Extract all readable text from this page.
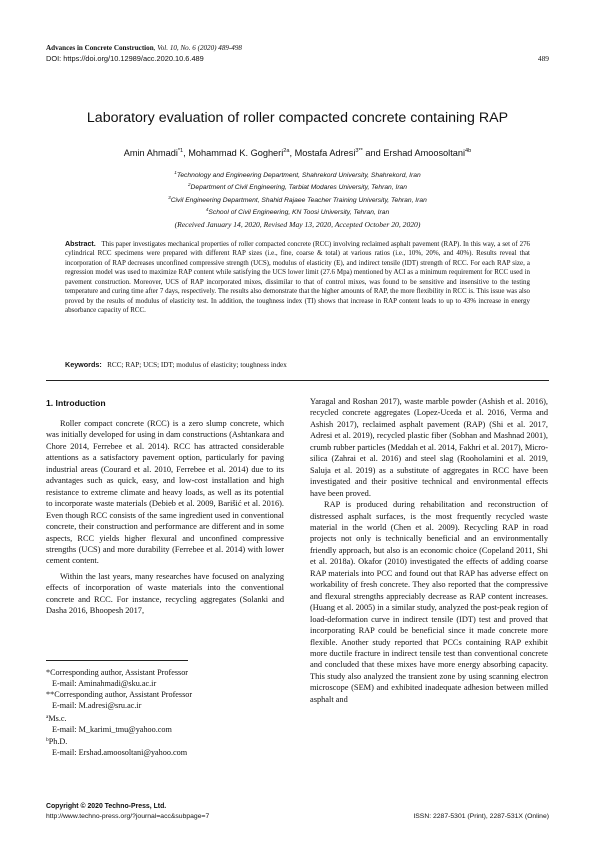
Advances in Concrete Construction, Vol. 10, No. 6 (2020) 489-498
DOI: https://doi.org/10.12989/acc.2020.10.6.489	489
Laboratory evaluation of roller compacted concrete containing RAP
Amin Ahmadi$^{*1}$, Mohammad K. Gogheri$^{2a}$, Mostafa Adresi$^{3**}$ and Ershad Amoosoltani$^{4b}$
$^1$Technology and Engineering Department, Shahrekord University, Shahrekord, Iran
$^2$Department of Civil Engineering, Tarbiat Modares University, Tehran, Iran
$^3$Civil Engineering Department, Shahid Rajaee Teacher Training University, Tehran, Iran
$^4$School of Civil Engineering, KN Toosi University, Tehran, Iran
(Received January 14, 2020, Revised May 13, 2020, Accepted October 20, 2020)
Abstract. This paper investigates mechanical properties of roller compacted concrete (RCC) involving reclaimed asphalt pavement (RAP). In this way, a set of 276 cylindrical RCC specimens were prepared with different RAP sizes (i.e., fine, coarse & total) at various ratios (i.e., 10%, 20%, and 40%). Results reveal that incorporation of RAP decreases unconfined compressive strength (UCS), modulus of elasticity (E), and indirect tensile (IDT) strength of RCC. For each RAP size, a regression model was used to maximize RAP content while satisfying the UCS lower limit (27.6 Mpa) mentioned by ACI as a minimum requirement for RCC used in pavement construction. Moreover, UCS of RAP incorporated mixes, dissimilar to that of control mixes, was found to be sensitive and insensitive to the testing temperature and curing time after 7 days, respectively. The results also demonstrate that the higher amounts of RAP, the more flexibility in RCC is. This issue was also proved by the results of modulus of elasticity test. In addition, the toughness index (TI) shows that increase in RAP content leads to up to 43% increase in energy absorbance capacity of RCC.
Keywords: RCC; RAP; UCS; IDT; modulus of elasticity; toughness index
1. Introduction

Roller compact concrete (RCC) is a zero slump concrete, which was initially developed for using in dam constructions (Ashtankara and Chore 2014, Ferrebee et al. 2014). RCC has attracted considerable attentions as a satisfactory pavement option, particularly for paving industrial areas (Courard et al. 2010, Ferrebee et al. 2014) due to its advantages such as quick, easy, and low-cost installation and high resistance to extreme climate and heavy loads, as well as its potential to incorporate waste materials (Debieb et al. 2009, Barišić et al. 2016). Even though RCC consists of the same ingredient used in conventional concrete, their construction and performance are different and in some aspects, RCC yields higher flexural and unconfined compressive strengths (UCS) and more durability (Ferrebee et al. 2014) with lower cement content.

Within the last years, many researches have focused on analyzing effects of incorporation of waste materials into the conventional concrete and RCC. For instance, recycling aggregates (Solanki and Dasha 2016, Bhoopesh 2017,

*Corresponding author, Assistant Professor
E-mail: Aminahmadi@sku.ac.ir
**Corresponding author, Assistant Professor
E-mail: M.adresi@sru.ac.ir
$^a$Ms.c.
E-mail: M_karimi_tmu@yahoo.com
$^b$Ph.D.
E-mail: Ershad.amoosoltani@yahoo.com

Yaragal and Roshan 2017), waste marble powder (Ashish et al. 2016), recycled concrete aggregates (Lopez-Uceda et al. 2016, Verma and Ashish 2017), reclaimed asphalt pavement (RAP) (Shi et al. 2017, Adresi et al. 2019), recycled plastic fiber (Sobhan and Mashnad 2001), crumb rubber particles (Meddah et al. 2014, Fakhri et al. 2017), Micro-silica (Zahrai et al. 2016) and steel slag (Rooholamini et al. 2019, Saluja et al. 2019) as a substitute of aggregates in RCC have been investigated and their positive technical and environmental effects have been proved.

RAP is produced during rehabilitation and reconstruction of distressed asphalt surfaces, is the most frequently recycled waste material in the world (Chen et al. 2009). Recycling RAP in road projects not only is technically beneficial and an environmentally friendly approach, but also is an economic choice (Copeland 2011, Shi et al. 2018a). Okafor (2010) investigated the effects of adding coarse RAP materials into PCC and found out that RAP has adverse effect on workability of fresh concrete. They also reported that the compressive and flexural strengths appreciably decrease as RAP content increases. (Huang et al. 2005) in a similar study, analyzed the post-peak region of load-deformation curve in indirect tensile (IDT) test and proved that incorporating RAP could be beneficial since it made concrete more flexible. Another study reported that PCCs containing RAP exhibit more ductile fracture in indirect tensile test than conventional concrete and concluded that these mixes have more energy absorbing capacity. This study also analyzed the transient zone by using scanning electron microscope (SEM) and exhibited inadequate adhesion between milled asphalt and

Copyright © 2020 Techno-Press, Ltd.
http://www.techno-press.org/?journal=acc&subpage=7	ISSN: 2287-5301 (Print), 2287-531X (Online)
